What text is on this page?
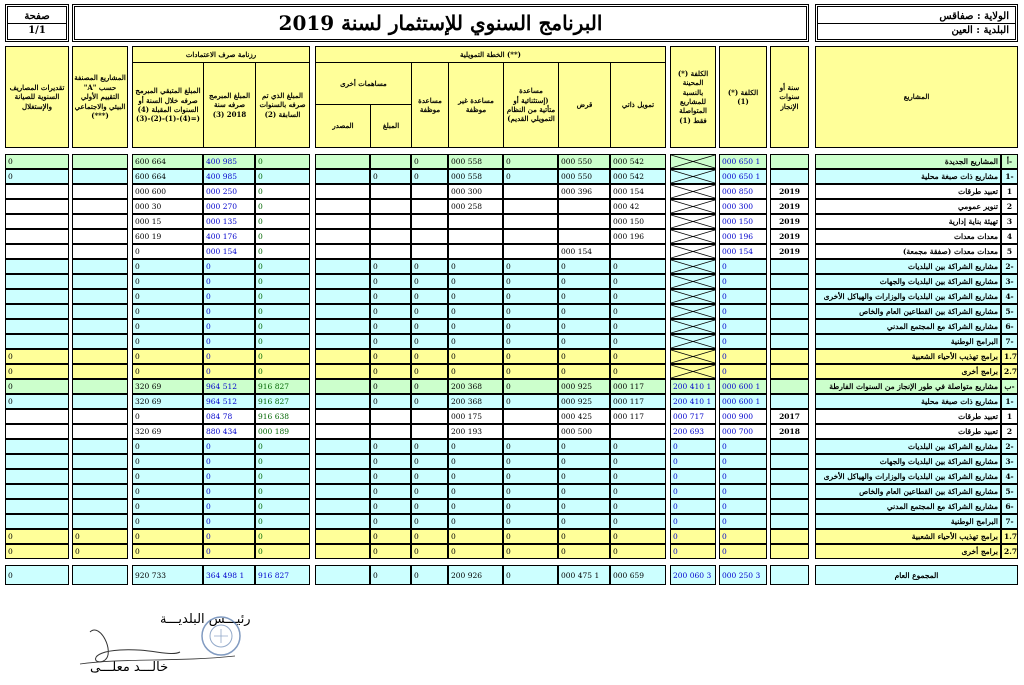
صفحة
1/1	البرنامج السنوي للإستثمار لسنة 2019	الولاية : صفاقس
البلدية : العين
تقديرات المصاريف السنوية للصيانة والإستغلال
المشاريع المصنفة "A" حسب التقييم الأولي البيئي والاجتماعي (***)
رزنامة صرف الاعتمادات
المبلغ المتبقي المبرمج صرفه خلال السنة أو السنوات المقبلة (4) =(4)-(1)-(2)-(3))
المبلغ المبرمج صرفه سنة 2018 (3)
المبلغ الذي تم صرفه بالسنوات السابقة (2)
الخطة التمويلية (**)
مساهمات أخرى
المصدر	المبلغ
مساعدة موظفة
مساعدة غير موظفة
مساعدة (إستثنائية أو متأتية من النظام التمويلي القديم)
قرض	تمويل ذاتي
الكلفة (*) المحينة بالنسبة للمشاريع المتواصلة فقط (1)
الكلفة (*) (1)
سنة أو سنوات الإنجاز
المشاريع
0				664 600	985 400	0				0	558 000	0	550 000	542 000				1 650 000				المشاريع الجديدة	أ-
0				664 600	985 400	0			0	0	558 000	0	550 000	542 000				1 650 000				مشاريع ذات صبغة محلية	1-
				600 000	250 000	0					300 000		396 000	154 000				850 000		2019		تعبيد طرقات	1
				30 000	270 000	0					258 000			42 000				300 000		2019		تنوير عمومي	2
				15 000	135 000	0								150 000				150 000		2019		تهيئة بناية إدارية	3
				19 600	176 400	0								196 000				196 000		2019		معدات معدات	4
				0	154 000	0							154 000					154 000		2019		معدات معدات (صفقة مجمعة)	5
				0	0	0			0	0	0	0	0	0				0				مشاريع الشراكة بين البلديات	2-
				0	0	0			0	0	0	0	0	0				0				مشاريع الشراكة بين البلديات والجهات	3-
				0	0	0			0	0	0	0	0	0				0				مشاريع الشراكة بين البلديات والوزارات والهياكل الأخرى	4-
				0	0	0			0	0	0	0	0	0				0				مشاريع الشراكة بين القطاعين العام والخاص	5-
				0	0	0			0	0	0	0	0	0				0				مشاريع الشراكة مع المجتمع المدني	6-
				0	0	0			0	0	0	0	0	0				0				البرامج الوطنية	7-
0				0	0	0			0	0	0	0	0	0				0				برامج تهذيب الأحياء الشعبية	1.7
0				0	0	0			0	0	0	0	0	0				0				برامج أخرى	2.7
0				69 320	512 964	827 916			0	0	368 200	0	925 000	117 000		1 410 200		1 600 000				مشاريع متواصلة في طور الإنجاز من السنوات الفارطة	ب-
0				69 320	512 964	827 916			0	0	368 200	0	925 000	117 000		1 410 200		1 600 000				مشاريع ذات صبغة محلية	1-
				0	78 084	638 916					175 000		425 000	117 000		717 000		900 000		2017		تعبيد طرقات	1
				69 320	434 880	189 000					193 200		500 000			693 200		700 000		2018		تعبيد طرقات	2
				0	0	0			0	0	0	0	0	0		0		0				مشاريع الشراكة بين البلديات	2-
				0	0	0			0	0	0	0	0	0		0		0				مشاريع الشراكة بين البلديات والجهات	3-
				0	0	0			0	0	0	0	0	0		0		0				مشاريع الشراكة بين البلديات والوزارات والهياكل الأخرى	4-
				0	0	0			0	0	0	0	0	0		0		0				مشاريع الشراكة بين القطاعين العام والخاص	5-
				0	0	0			0	0	0	0	0	0		0		0				مشاريع الشراكة مع المجتمع المدني	6-
				0	0	0			0	0	0	0	0	0		0		0				البرامج الوطنية	7-
0		0		0	0	0			0	0	0	0	0	0		0		0				برامج تهذيب الأحياء الشعبية	1.7
0		0		0	0	0			0	0	0	0	0	0		0		0				برامج أخرى	2.7

0				733 920	1 498 364	827 916			0	0	926 200	0	1 475 000	659 000		3 060 200		3 250 000				المجموع العام	
رئيـــس البلديـــة
خالـــد معلـــى
